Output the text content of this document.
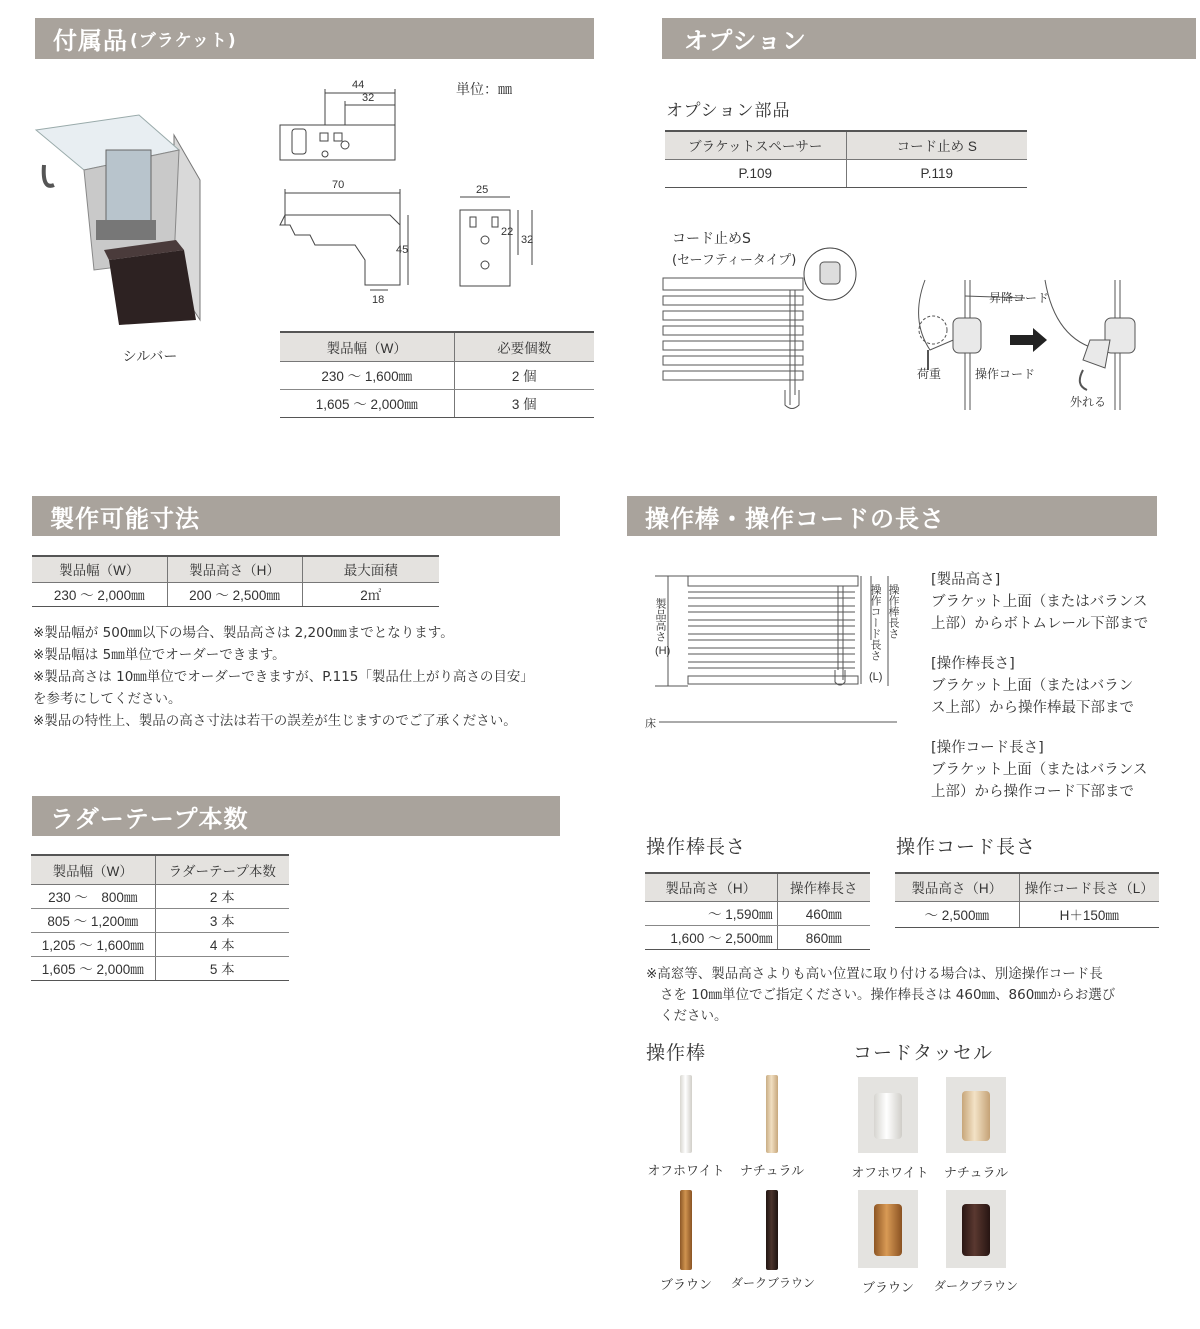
付属品 (ブラケット)
シルバー
44
32
70
45
18
25
22
32
単位：㎜
製品幅（W）	必要個数
230 〜 1,600㎜	2 個
1,605 〜 2,000㎜	3 個
オプション
オプション部品
ブラケットスペーサー	コード止め S
P.109	P.119
コード止めS
(セーフティータイプ)
昇降コード
荷重	操作コード
外れる
製作可能寸法
製品幅（W）	製品高さ（H）	最大面積
230 〜 2,000㎜	200 〜 2,500㎜	2㎡
※製品幅が 500㎜以下の場合、製品高さは 2,200㎜までとなります。
※製品幅は 5㎜単位でオーダーできます。
※製品高さは 10㎜単位でオーダーできますが、P.115「製品仕上がり高さの目安」
を参考にしてください。
※製品の特性上、製品の高さ寸法は若干の誤差が生じますのでご了承ください。
ラダーテープ本数
製品幅（W）	ラダーテープ本数
230 〜　800㎜	2 本
805 〜 1,200㎜	3 本
1,205 〜 1,600㎜	4 本
1,605 〜 2,000㎜	5 本
操作棒・操作コードの長さ
製品高さ
(H)
操作棒長さ
操作コード長さ
(L)
床
[製品高さ]
ブラケット上面（またはバランス
上部）からボトムレール下部まで
[操作棒長さ]
ブラケット上面（またはバラン
ス上部）から操作棒最下部まで
[操作コード長さ]
ブラケット上面（またはバランス
上部）から操作コード下部まで
操作棒長さ	操作コード長さ
製品高さ（H）	操作棒長さ
〜 1,590㎜	460㎜
1,600 〜 2,500㎜	860㎜
製品高さ（H）	操作コード長さ（L）
〜 2,500㎜	H＋150㎜
※高窓等、製品高さよりも高い位置に取り付ける場合は、別途操作コード長
さを 10㎜単位でご指定ください。操作棒長さは 460㎜、860㎜からお選び
ください。
操作棒	コードタッセル
オフホワイト	ナチュラル
ブラウン	ダークブラウン
オフホワイト	ナチュラル
ブラウン	ダークブラウン
